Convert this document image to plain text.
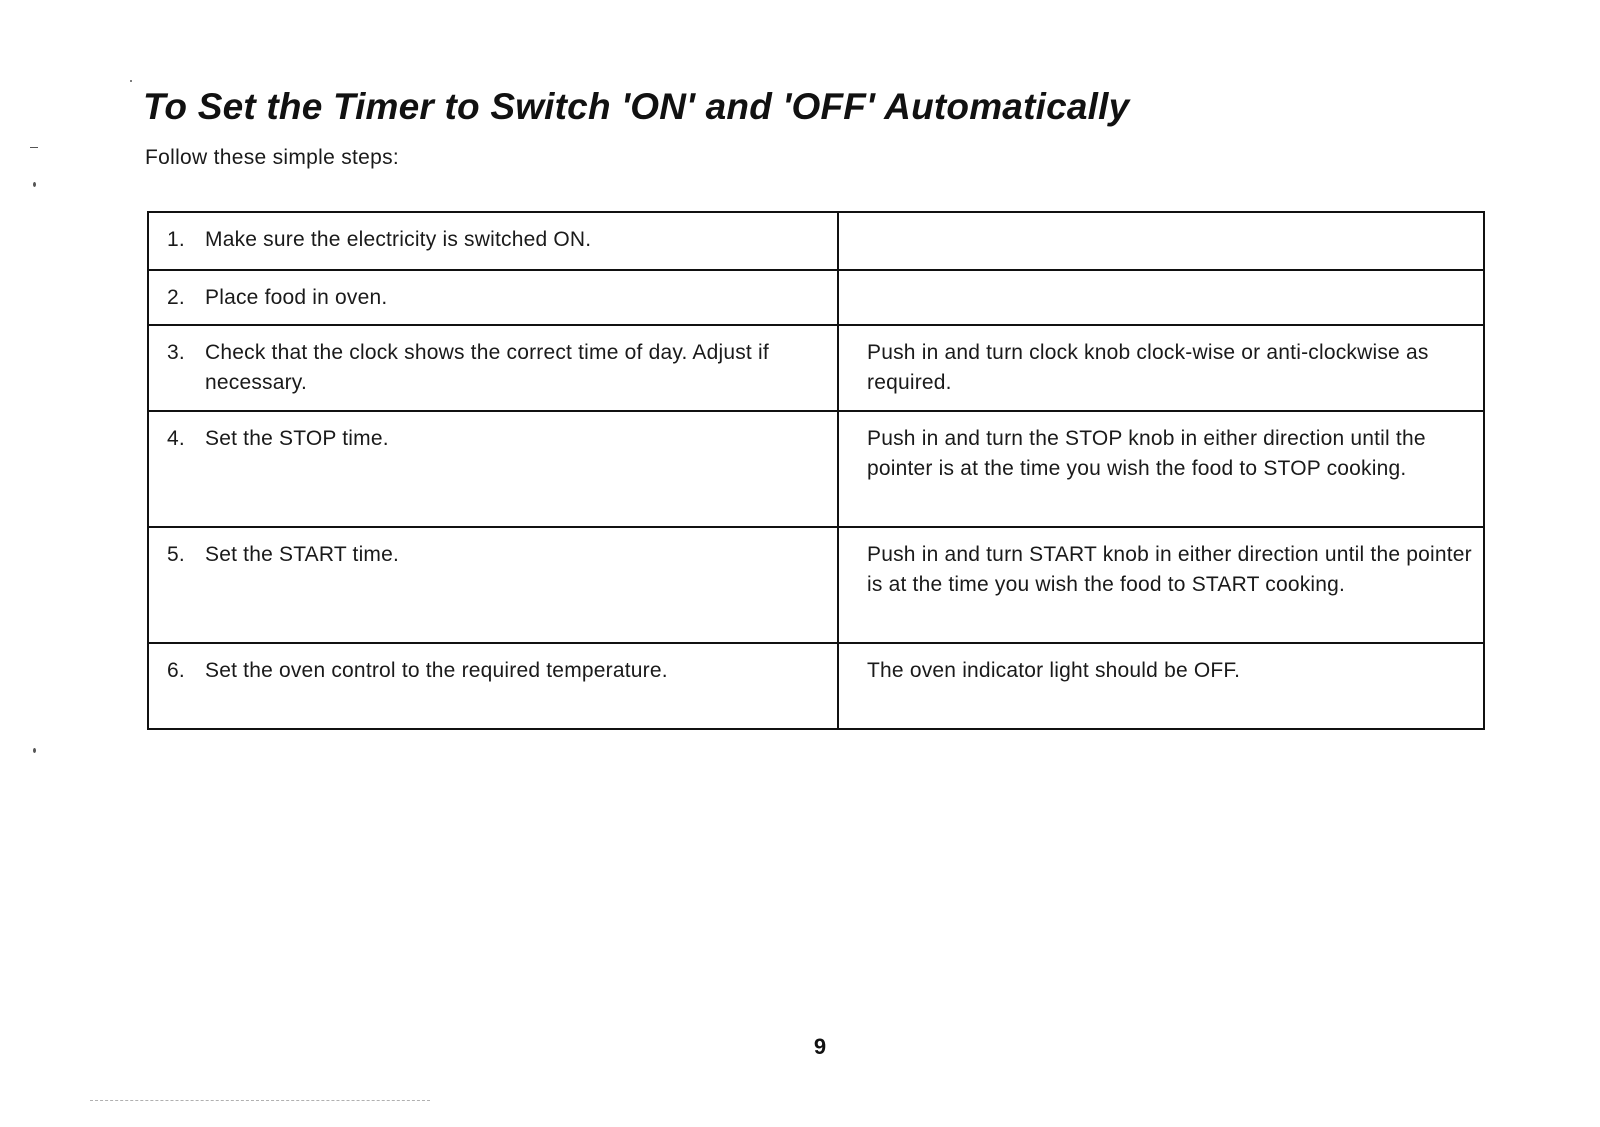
To Set the Timer to Switch 'ON' and 'OFF' Automatically

Follow these simple steps:

1. Make sure the electricity is switched ON.	

2. Place food in oven.	

3. Check that the clock shows the correct time of day. Adjust if necessary.	Push in and turn clock knob clock-wise or anti-clockwise as required.

4. Set the STOP time.	Push in and turn the STOP knob in either direction until the pointer is at the time you wish the food to STOP cooking.

5. Set the START time.	Push in and turn START knob in either direction until the pointer is at the time you wish the food to START cooking.

6. Set the oven control to the required temperature.	The oven indicator light should be OFF.
9
